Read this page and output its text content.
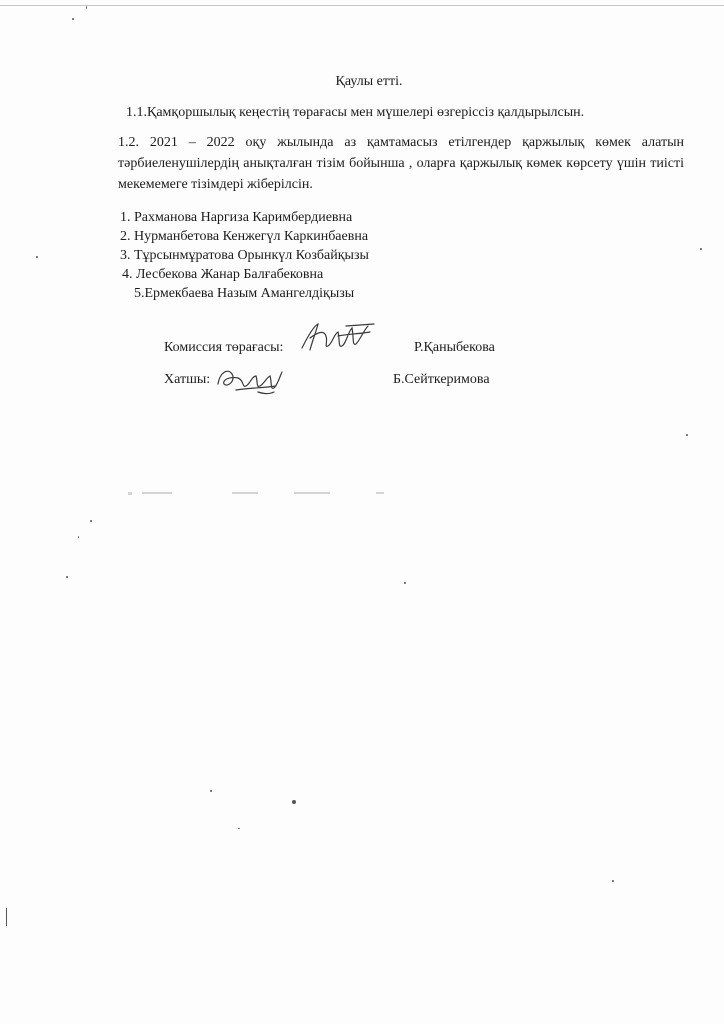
Қаулы етті.
1.1.Қамқоршылық кеңестің төрағасы мен мүшелері өзгеріссіз қалдырылсын.
1.2. 2021 – 2022 оқу жылында аз қамтамасыз етілгендер қаржылық көмек алатын тәрбиеленушілердің анықталған тізім бойынша , оларға қаржылық көмек көрсету үшін тиісті мекемемеге тізімдері жіберілсін.
1. Рахманова Наргиза Каримбердиевна
2. Нурманбетова Кенжегүл Каркинбаевна
3. Тұрсынмұратова Орынкүл Козбайқызы
4. Лесбекова Жанар Балғабековна
5.Ермекбаева Назым Амангелдіқызы
Комиссия төрағасы:	Р.Қаныбекова
Хатшы:	Б.Сейткеримова
